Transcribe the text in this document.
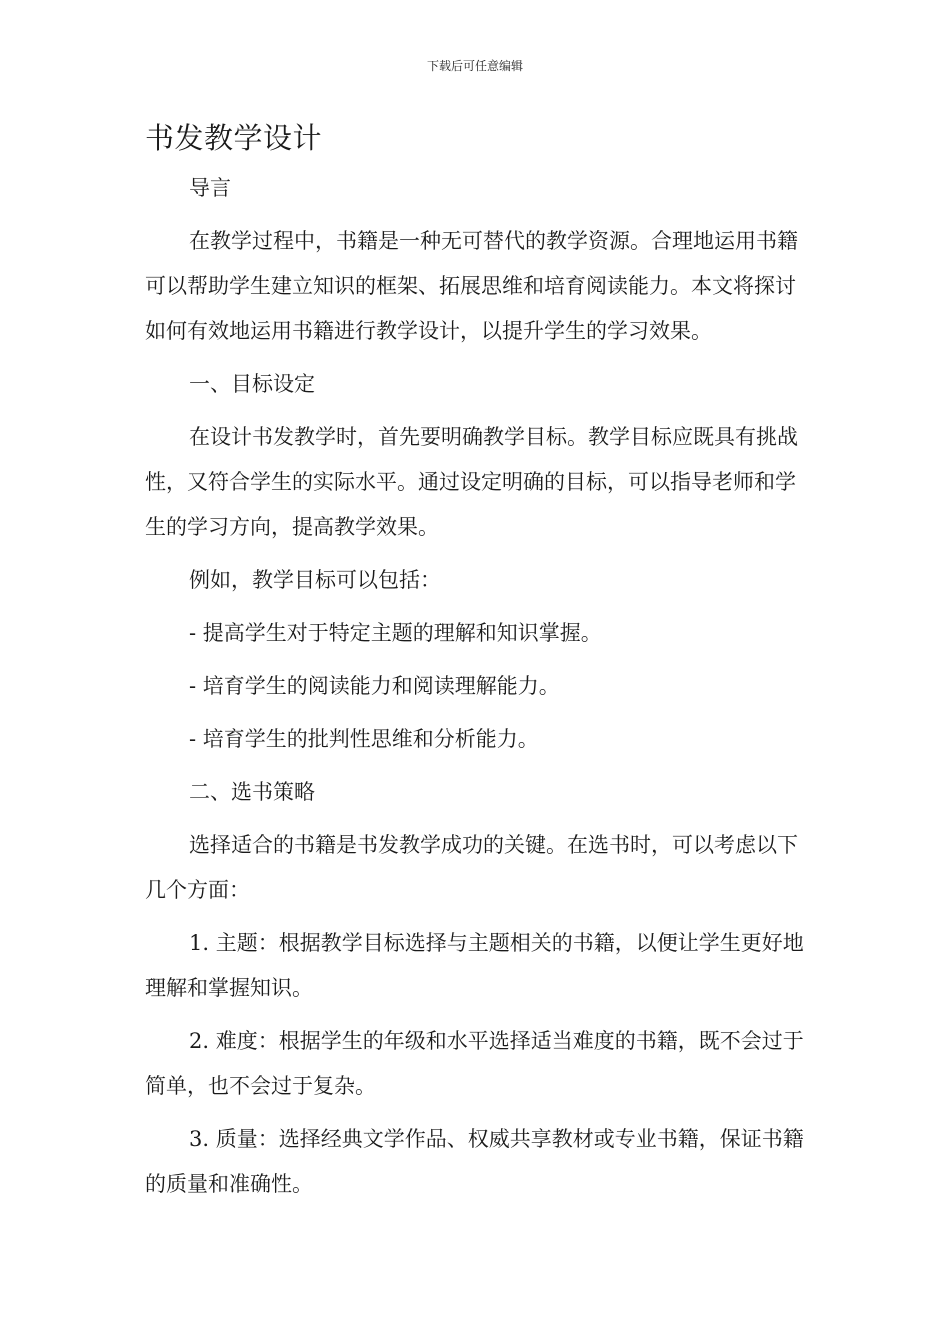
下载后可任意编辑
书发教学设计

导言

在教学过程中，书籍是一种无可替代的教学资源。合理地运用书籍可以帮助学生建立知识的框架、拓展思维和培育阅读能力。本文将探讨如何有效地运用书籍进行教学设计，以提升学生的学习效果。

一、目标设定

在设计书发教学时，首先要明确教学目标。教学目标应既具有挑战性，又符合学生的实际水平。通过设定明确的目标，可以指导老师和学生的学习方向，提高教学效果。

例如，教学目标可以包括：

- 提高学生对于特定主题的理解和知识掌握。

- 培育学生的阅读能力和阅读理解能力。

- 培育学生的批判性思维和分析能力。

二、选书策略

选择适合的书籍是书发教学成功的关键。在选书时，可以考虑以下几个方面：

1. 主题：根据教学目标选择与主题相关的书籍，以便让学生更好地理解和掌握知识。

2. 难度：根据学生的年级和水平选择适当难度的书籍，既不会过于简单，也不会过于复杂。

3. 质量：选择经典文学作品、权威共享教材或专业书籍，保证书籍的质量和准确性。
